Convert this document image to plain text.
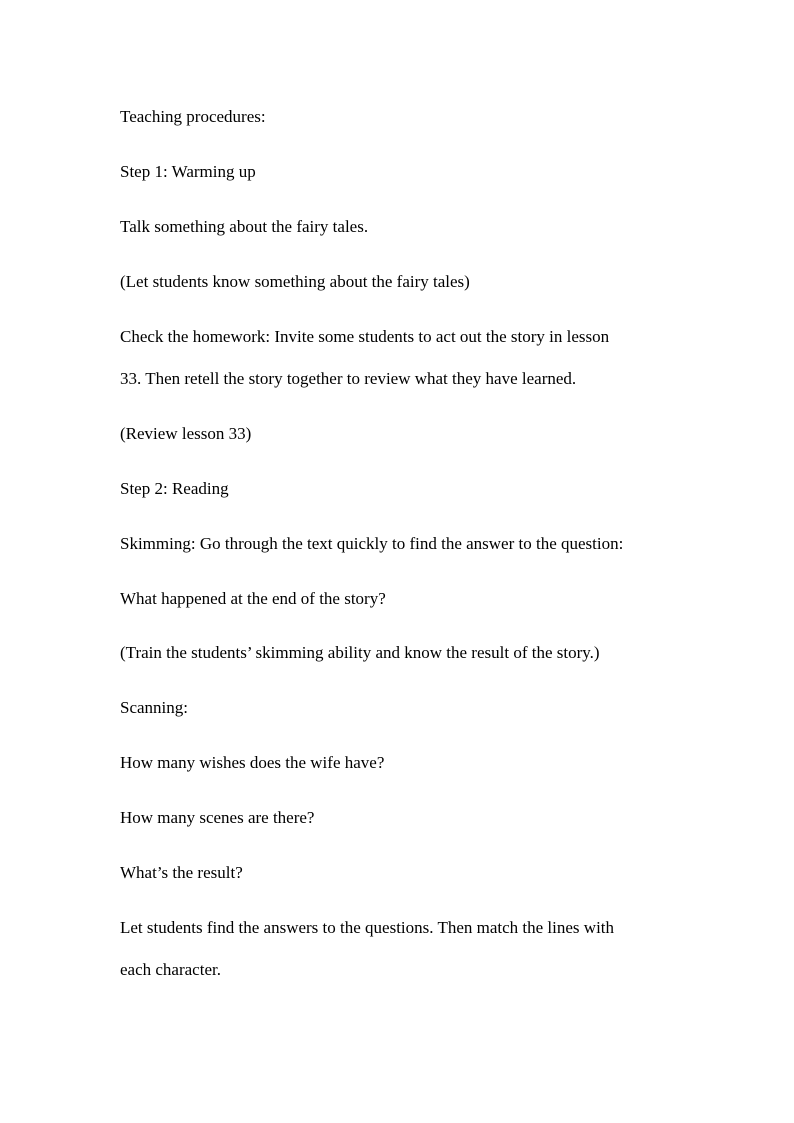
Teaching procedures:
Step 1: Warming up
Talk something about the fairy tales.
(Let students know something about the fairy tales)
Check the homework: Invite some students to act out the story in lesson
33. Then retell the story together to review what they have learned.
(Review lesson 33)
Step 2: Reading
Skimming: Go through the text quickly to find the answer to the question:
What happened at the end of the story?
(Train the students’ skimming ability and know the result of the story.)
Scanning:
How many wishes does the wife have?
How many scenes are there?
What’s the result?
Let students find the answers to the questions. Then match the lines with
each character.
